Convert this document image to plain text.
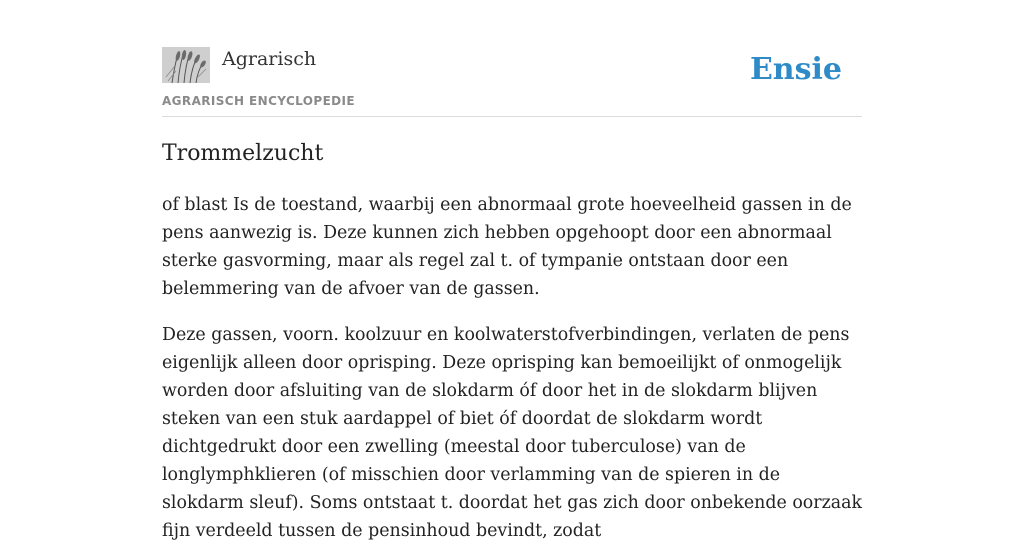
Agrarisch
AGRARISCH ENCYCLOPEDIE
Ensie
Trommelzucht

of blast Is de toestand, waarbij een abnormaal grote hoeveelheid gassen in de pens aanwezig is. Deze kunnen zich hebben opgehoopt door een abnormaal sterke gasvorming, maar als regel zal t. of tympanie ontstaan door een belemmering van de afvoer van de gassen.

Deze gassen, voorn. koolzuur en koolwaterstofverbindingen, verlaten de pens eigenlijk alleen door oprisping. Deze oprisping kan bemoeilijkt of onmogelijk worden door afsluiting van de slokdarm óf door het in de slokdarm blijven steken van een stuk aardappel of biet óf doordat de slokdarm wordt dichtgedrukt door een zwelling (meestal door tuberculose) van de longlymphklieren (of misschien door verlamming van de spieren in de slokdarm sleuf). Soms ontstaat t. doordat het gas zich door onbekende oorzaak fijn verdeeld tussen de pensinhoud bevindt, zodat
